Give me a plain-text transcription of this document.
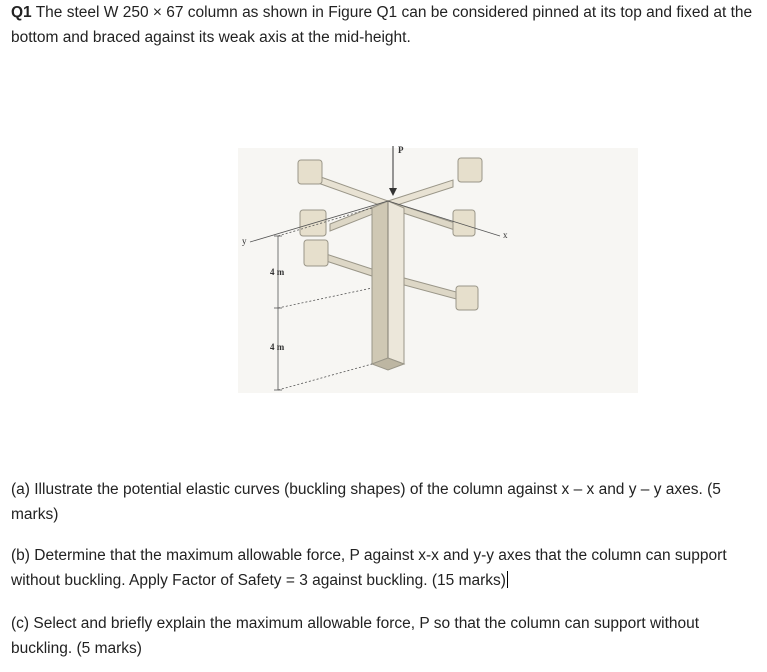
Q1 The steel W 250 × 67 column as shown in Figure Q1 can be considered pinned at its top and fixed at the bottom and braced against its weak axis at the mid-height.

P
x
y
4 m
4 m

(a) Illustrate the potential elastic curves (buckling shapes) of the column against x – x and y – y axes. (5 marks)

(b) Determine that the maximum allowable force, P against x-x and y-y axes that the column can support without buckling. Apply Factor of Safety = 3 against buckling. (15 marks)

(c) Select and briefly explain the maximum allowable force, P so that the column can support without buckling. (5 marks)
